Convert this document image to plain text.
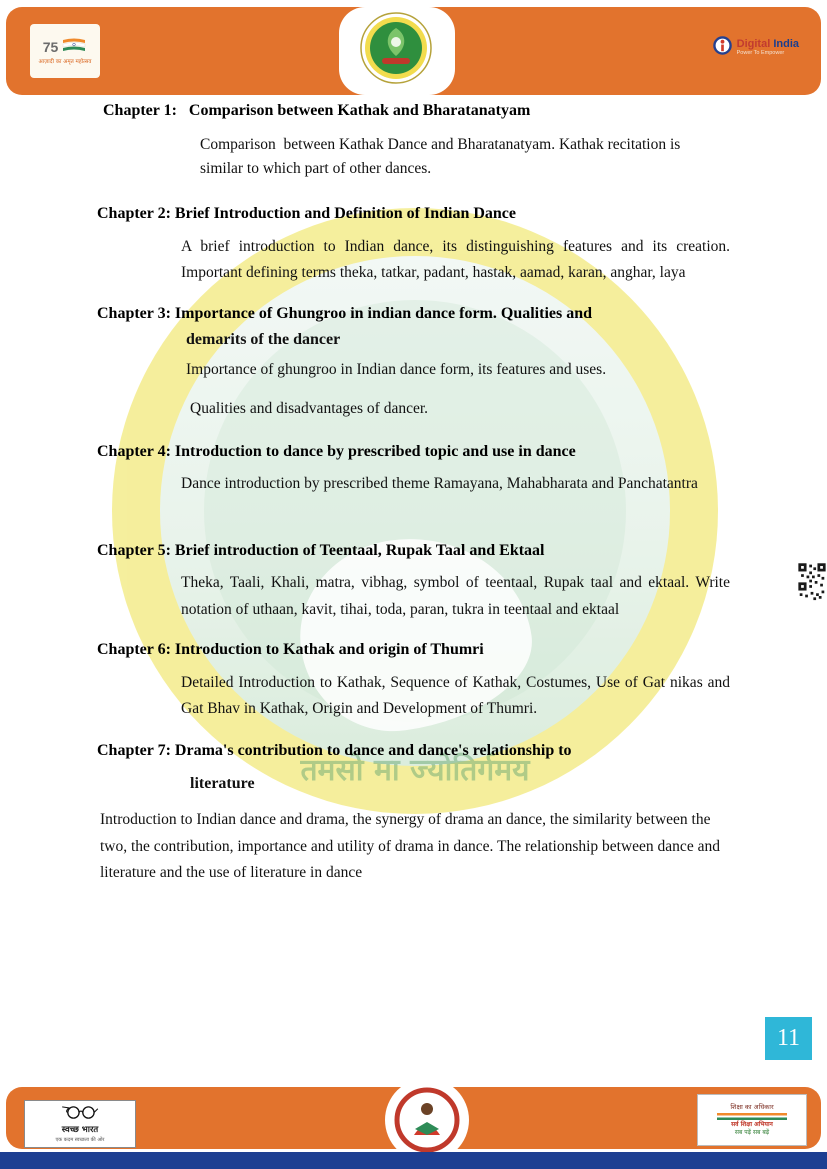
तमसो मा ज्योतिर्गमय
75
आज़ादी का अमृत महोत्सव
Digital India
Power To Empower
Chapter 1:   Comparison between Kathak and Bharatanatyam

Comparison  between Kathak Dance and Bharatanatyam. Kathak recitation is similar to which part of other dances.

Chapter 2: Brief Introduction and Definition of Indian Dance

A brief introduction to Indian dance, its distinguishing features and its creation.  Important defining terms theka, tatkar, padant, hastak, aamad, karan, anghar, laya

Chapter 3: Importance of Ghungroo in indian dance form. Qualities and
demarits of the dancer

Importance of ghungroo in Indian dance form, its features and uses.

Qualities and disadvantages of dancer.

Chapter 4: Introduction to dance by prescribed topic and use in dance

Dance introduction by prescribed theme Ramayana, Mahabharata and Panchatantra

Chapter 5: Brief introduction of Teentaal, Rupak Taal and Ektaal

Theka, Taali, Khali, matra, vibhag, symbol of teentaal, Rupak taal and ektaal. Write notation of uthaan, kavit, tihai, toda, paran, tukra in teentaal and ektaal

Chapter 6: Introduction to Kathak and origin of Thumri

Detailed Introduction to Kathak, Sequence of Kathak, Costumes, Use of Gat nikas and Gat Bhav in Kathak, Origin and Development of Thumri.

Chapter 7: Drama's contribution to dance and dance's relationship to
literature

Introduction to Indian dance and drama, the synergy of drama an dance, the similarity between the two, the contribution, importance and utility of drama in dance. The relationship between dance and literature and the use of literature in dance

11
स्वच्छ भारत
एक कदम स्वच्छता की ओर
शिक्षा का अधिकार
सर्व शिक्षा अभियान
सब पढ़ें सब बढ़ें
